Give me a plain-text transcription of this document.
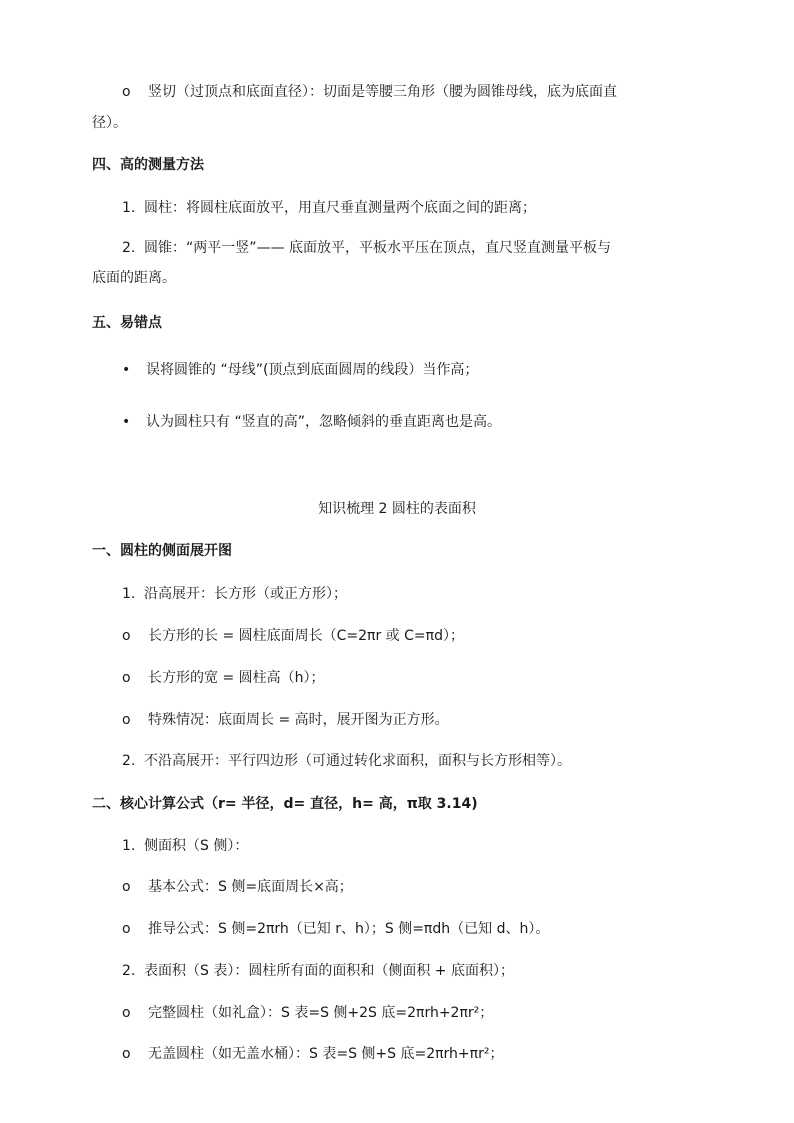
o 竖切（过顶点和底面直径）：切面是等腰三角形（腰为圆锥母线，底为底面直
径）。
四、高的测量方法
1. 圆柱：将圆柱底面放平，用直尺垂直测量两个底面之间的距离；
2. 圆锥：“两平一竖”—— 底面放平，平板水平压在顶点，直尺竖直测量平板与
底面的距离。
五、易错点
• 误将圆锥的 “母线”(顶点到底面圆周的线段）当作高；
• 认为圆柱只有 “竖直的高”，忽略倾斜的垂直距离也是高。
知识梳理 2 圆柱的表面积
一、圆柱的侧面展开图
1. 沿高展开：长方形（或正方形）；
o 长方形的长 = 圆柱底面周长（C=2πr 或 C=πd）；
o 长方形的宽 = 圆柱高（h）；
o 特殊情况：底面周长 = 高时，展开图为正方形。
2. 不沿高展开：平行四边形（可通过转化求面积，面积与长方形相等）。
二、核心计算公式（r= 半径，d= 直径，h= 高，π取 3.14)
1. 侧面积（S 侧）：
o 基本公式：S 侧=底面周长×高；
o 推导公式：S 侧=2πrh（已知 r、h）；S 侧=πdh（已知 d、h）。
2. 表面积（S 表）：圆柱所有面的面积和（侧面积 + 底面积）；
o 完整圆柱（如礼盒）：S 表=S 侧+2S 底=2πrh+2πr²；
o 无盖圆柱（如无盖水桶）：S 表=S 侧+S 底=2πrh+πr²；
